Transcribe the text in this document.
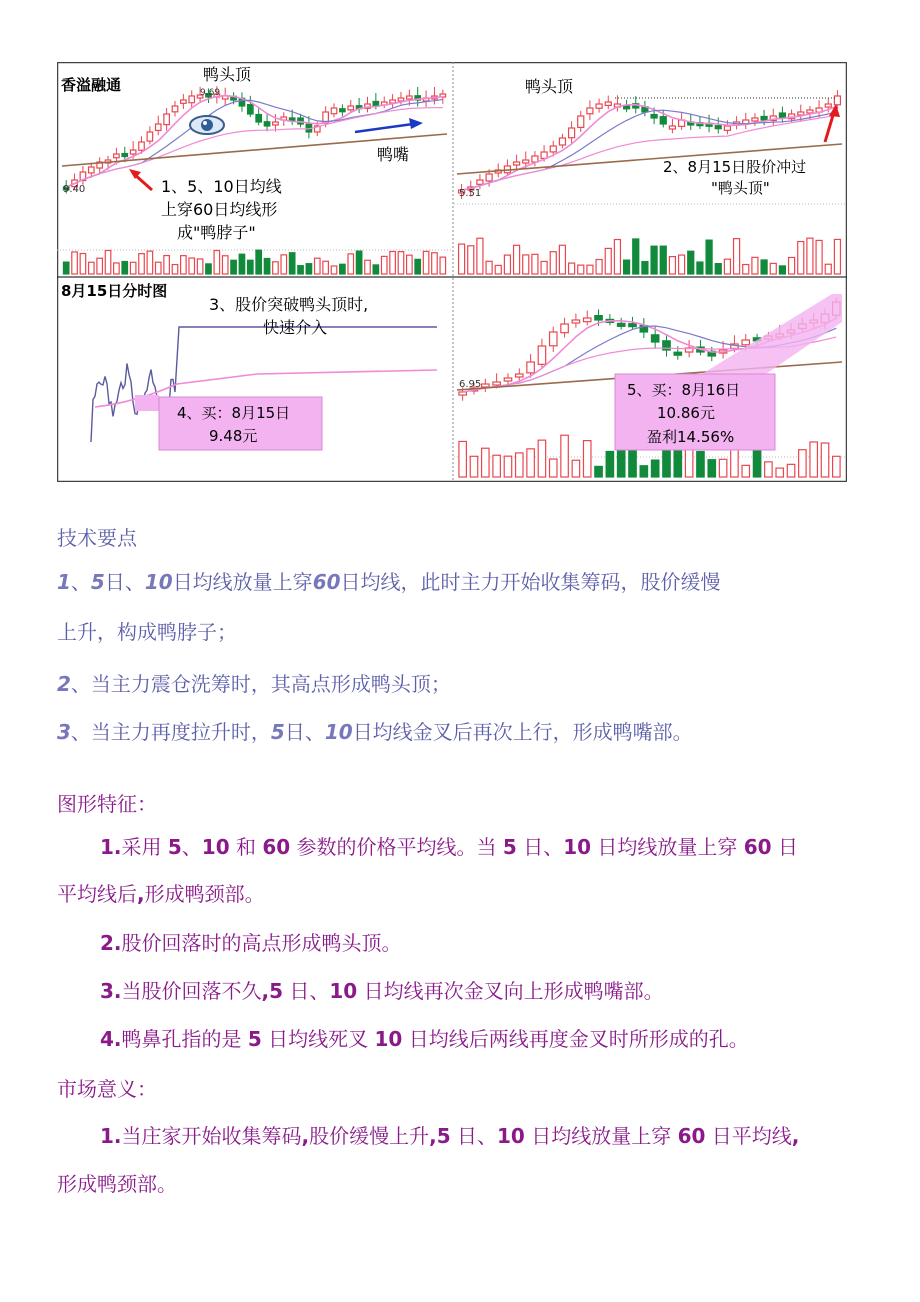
香溢融通
鸭头顶
9.69
鸭嘴
9.40	1、5、10日均线
上穿60日均线形
成"鸭脖子"
鸭头顶
5.51
2、8月15日股价冲过
"鸭头顶"
8月15日分时图
3、股价突破鸭头顶时,
快速介入
4、买：8月15日
9.48元
6.95	5、买：8月16日
10.86元
盈利14.56%
技术要点
1、5日、10日均线放量上穿60日均线，此时主力开始收集筹码，股价缓慢
上升，构成鸭脖子；
2、当主力震仓洗筹时，其高点形成鸭头顶；
3、当主力再度拉升时，5日、10日均线金叉后再次上行，形成鸭嘴部。
图形特征：
1.采用 5、10 和 60 参数的价格平均线。当 5 日、10 日均线放量上穿 60 日
平均线后,形成鸭颈部。
2.股价回落时的高点形成鸭头顶。
3.当股价回落不久,5 日、10 日均线再次金叉向上形成鸭嘴部。
4.鸭鼻孔指的是 5 日均线死叉 10 日均线后两线再度金叉时所形成的孔。
市场意义：
1.当庄家开始收集筹码,股价缓慢上升,5 日、10 日均线放量上穿 60 日平均线,
形成鸭颈部。
